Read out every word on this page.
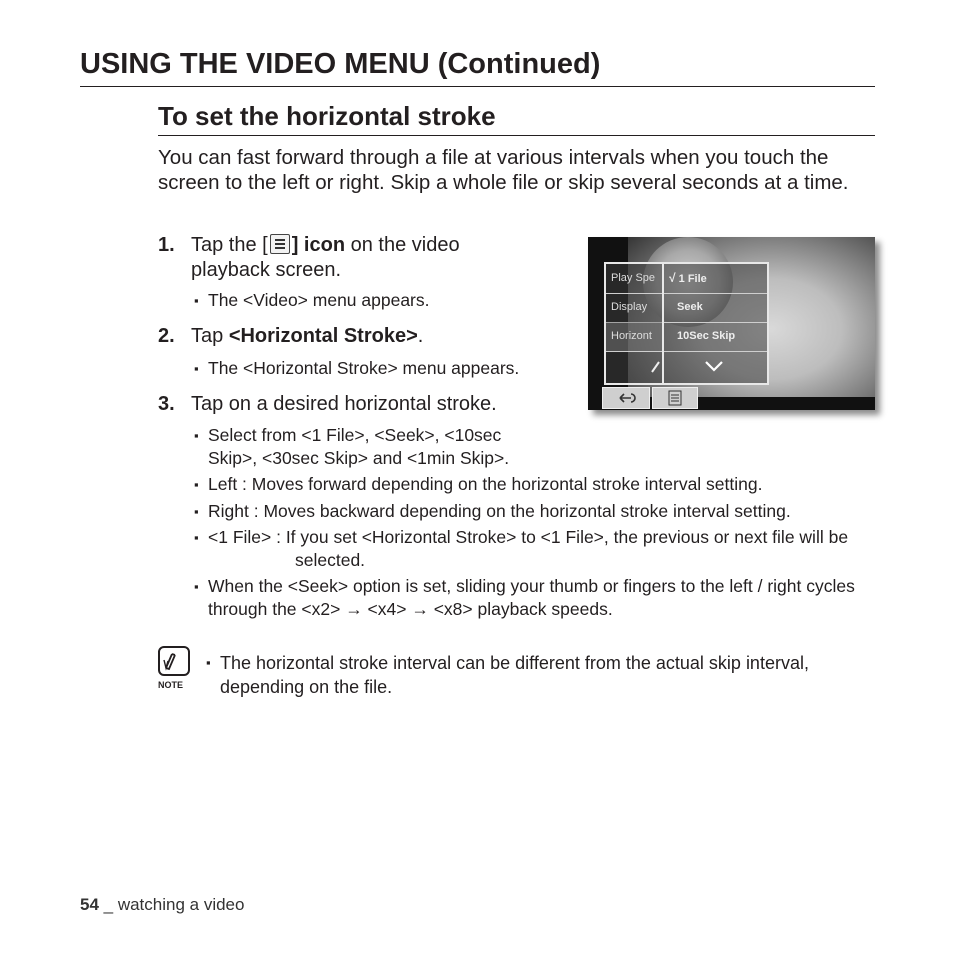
USING THE VIDEO MENU (Continued)
To set the horizontal stroke
You can fast forward through a file at various intervals when you touch the screen to the left or right. Skip a whole file or skip several seconds at a time.
1. Tap the [ ] icon on the video playback screen.
▪ The <Video> menu appears.
2. Tap <Horizontal Stroke>.
▪ The <Horizontal Stroke> menu appears.
3. Tap on a desired horizontal stroke.
▪ Select from <1 File>, <Seek>, <10sec Skip>, <30sec Skip> and <1min Skip>.
▪ Left : Moves forward depending on the horizontal stroke interval setting.
▪ Right : Moves backward depending on the horizontal stroke interval setting.
▪ <1 File> : If you set <Horizontal Stroke> to <1 File>, the previous or next file will be selected.
▪ When the <Seek> option is set, sliding your thumb or fingers to the left / right cycles through the <x2> → <x4> → <x8> playback speeds.
Play Spe
Display
Horizont
√ 1 File
Seek
10Sec Skip
NOTE
▪ The horizontal stroke interval can be different from the actual skip interval, depending on the file.
54 _ watching a video
